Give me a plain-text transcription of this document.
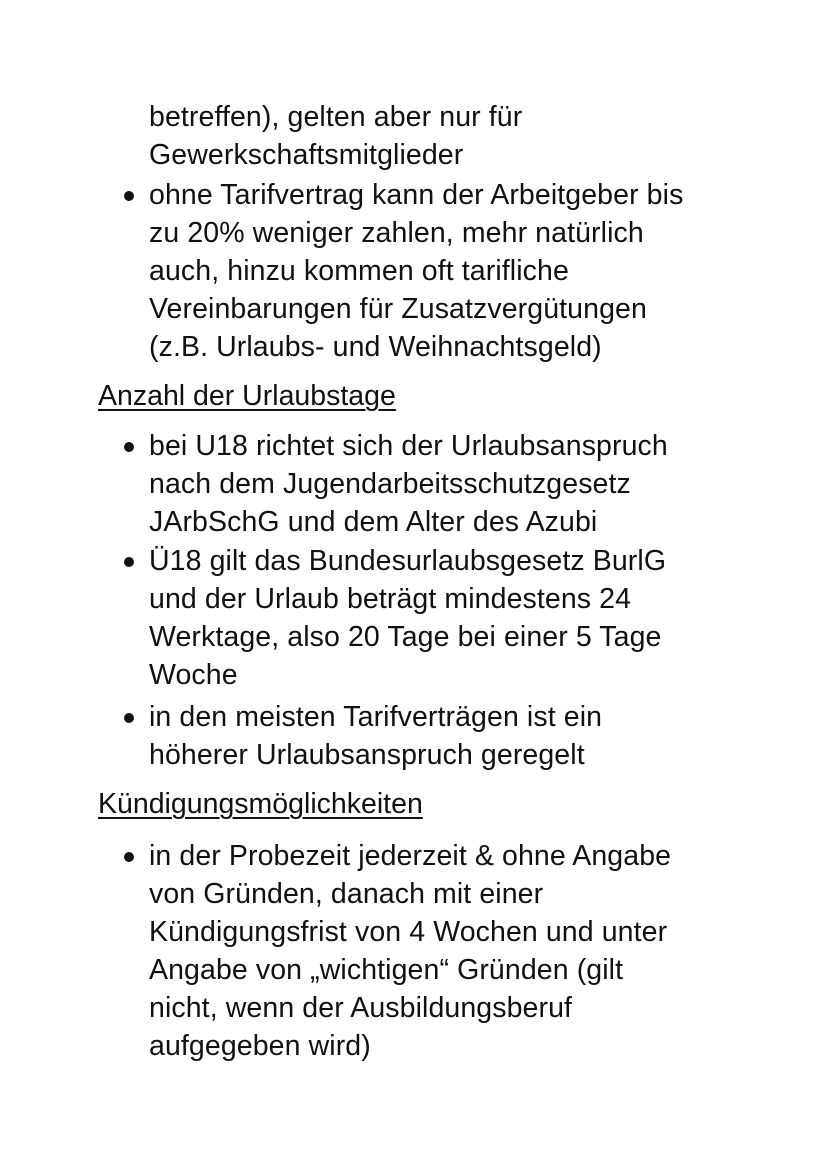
betreffen), gelten aber nur für
Gewerkschaftsmitglieder
ohne Tarifvertrag kann der Arbeitgeber bis
zu 20% weniger zahlen, mehr natürlich
auch, hinzu kommen oft tarifliche
Vereinbarungen für Zusatzvergütungen
(z.B. Urlaubs- und Weihnachtsgeld)
Anzahl der Urlaubstage
bei U18 richtet sich der Urlaubsanspruch
nach dem Jugendarbeitsschutzgesetz
JArbSchG und dem Alter des Azubi
Ü18 gilt das Bundesurlaubsgesetz BurlG
und der Urlaub beträgt mindestens 24
Werktage, also 20 Tage bei einer 5 Tage
Woche
in den meisten Tarifverträgen ist ein
höherer Urlaubsanspruch geregelt
Kündigungsmöglichkeiten
in der Probezeit jederzeit & ohne Angabe
von Gründen, danach mit einer
Kündigungsfrist von 4 Wochen und unter
Angabe von „wichtigen“ Gründen (gilt
nicht, wenn der Ausbildungsberuf
aufgegeben wird)
